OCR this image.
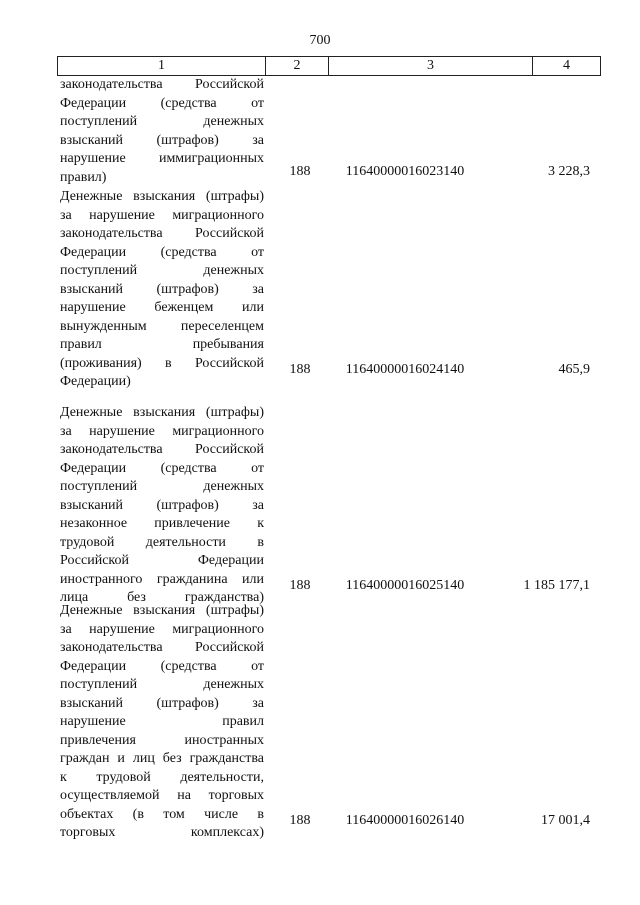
700
1	2	3	4
законодательства Российской
Федерации (средства от
поступлений	денежных
взысканий (штрафов) за
нарушение иммиграционных
правил)	188	11640000016023140	3 228,3
Денежные взыскания (штрафы)
за нарушение миграционного
законодательства Российской
Федерации (средства от
поступлений	денежных
взысканий (штрафов) за
нарушение беженцем или
вынужденным переселенцем
правил	пребывания
(проживания) в Российской
Федерации)
188	11640000016024140	465,9
Денежные взыскания (штрафы)
за нарушение миграционного
законодательства Российской
Федерации (средства от
поступлений	денежных
взысканий (штрафов) за
незаконное привлечение к
трудовой деятельности в
Российской	Федерации
иностранного гражданина или
лица	без	гражданства)
188	11640000016025140	1 185 177,1
Денежные взыскания (штрафы)
за нарушение миграционного
законодательства Российской
Федерации (средства от
поступлений	денежных
взысканий (штрафов) за
нарушение	правил
привлечения	иностранных
граждан и лиц без гражданства
к трудовой деятельности,
осуществляемой на торговых
объектах (в том числе в
торговых	комплексах)
188	11640000016026140	17 001,4
